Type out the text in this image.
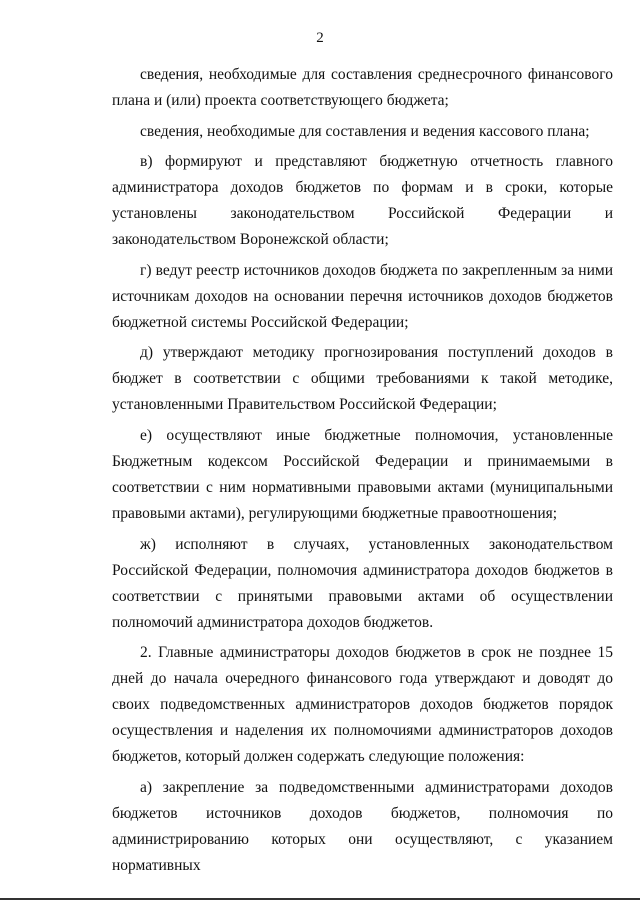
2

сведения, необходимые для составления среднесрочного финансового плана и (или) проекта соответствующего бюджета;

сведения, необходимые для составления и ведения кассового плана;

в) формируют и представляют бюджетную отчетность главного администратора доходов бюджетов по формам и в сроки, которые установлены законодательством Российской Федерации и законодательством Воронежской области;

г) ведут реестр источников доходов бюджета по закрепленным за ними источникам доходов на основании перечня источников доходов бюджетов бюджетной системы Российской Федерации;

д) утверждают методику прогнозирования поступлений доходов в бюджет в соответствии с общими требованиями к такой методике, установленными Правительством Российской Федерации;

е) осуществляют иные бюджетные полномочия, установленные Бюджетным кодексом Российской Федерации и принимаемыми в соответствии с ним нормативными правовыми актами (муниципальными правовыми актами), регулирующими бюджетные правоотношения;

ж) исполняют в случаях, установленных законодательством Российской Федерации, полномочия администратора доходов бюджетов в соответствии с принятыми правовыми актами об осуществлении полномочий администратора доходов бюджетов.

2. Главные администраторы доходов бюджетов в срок не позднее 15 дней до начала очередного финансового года утверждают и доводят до своих подведомственных администраторов доходов бюджетов порядок осуществления и наделения их полномочиями администраторов доходов бюджетов, который должен содержать следующие положения:

а) закрепление за подведомственными администраторами доходов бюджетов источников доходов бюджетов, полномочия по администрированию которых они осуществляют, с указанием нормативных
